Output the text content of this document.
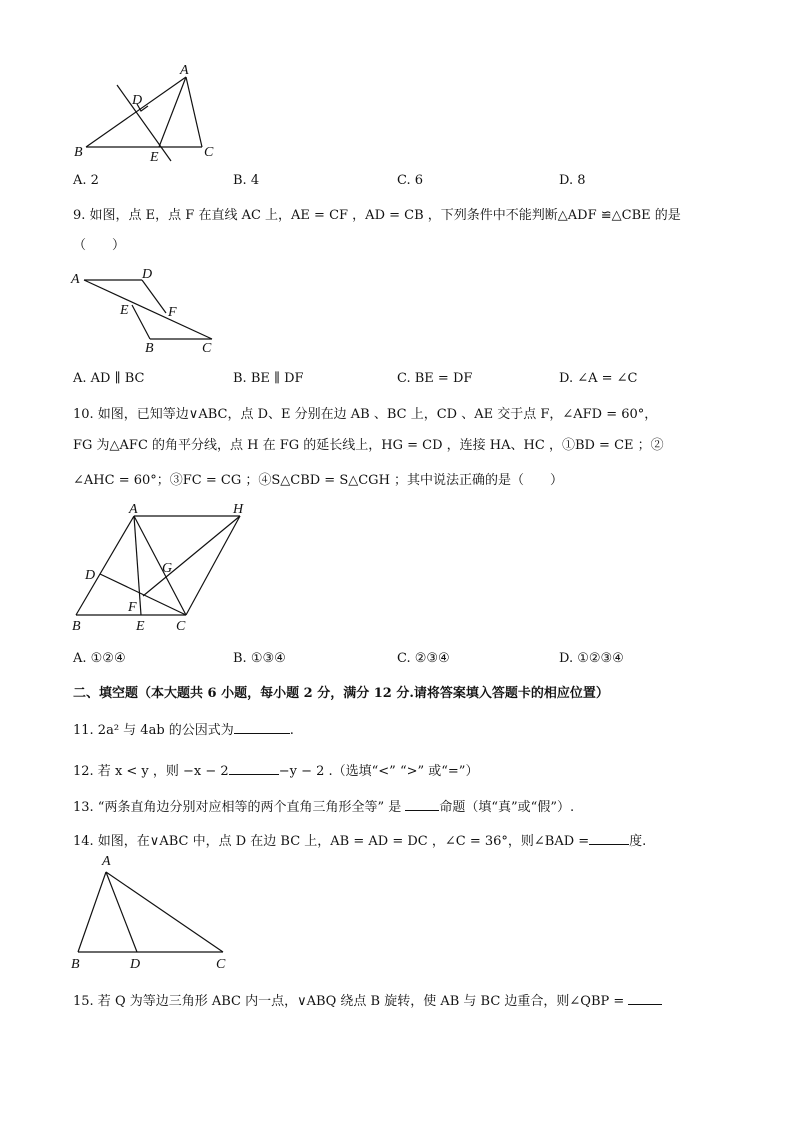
A
D
B	E	C
A. 2	B. 4	C. 6	D. 8
9. 如图，点 E，点 F 在直线 AC 上，AE = CF ，AD = CB ，下列条件中不能判断△ADF ≌△CBE 的是
（　　）
A	D
E	F
B	C
A. AD ∥ BC	B. BE ∥ DF	C. BE = DF	D. ∠A = ∠C
10. 如图，已知等边∨ABC，点 D、E 分别在边 AB 、BC 上，CD 、AE 交于点 F，∠AFD = 60°，
FG 为△AFC 的角平分线，点 H 在 FG 的延长线上，HG = CD ，连接 HA、HC ，①BD = CE ；②
∠AHC = 60°；③FC = CG ；④S△CBD = S△CGH ；其中说法正确的是（　　）
A	H
D	G
F
B	E C
A. ①②④	B. ①③④	C. ②③④	D. ①②③④
二、填空题（本大题共 6 小题，每小题 2 分，满分 12 分.请将答案填入答题卡的相应位置）
11. 2a² 与 4ab 的公因式为	.
12. 若 x < y ，则 −x − 2	−y − 2 .（选填“<” “>” 或“=”）
13. “两条直角边分别对应相等的两个直角三角形全等” 是	命题（填“真”或“假”）.
14. 如图，在∨ABC 中，点 D 在边 BC 上，AB = AD = DC ，∠C = 36°，则∠BAD =	度.
A
B	D	C
15. 若 Q 为等边三角形 ABC 内一点，∨ABQ 绕点 B 旋转，使 AB 与 BC 边重合，则∠QBP =
